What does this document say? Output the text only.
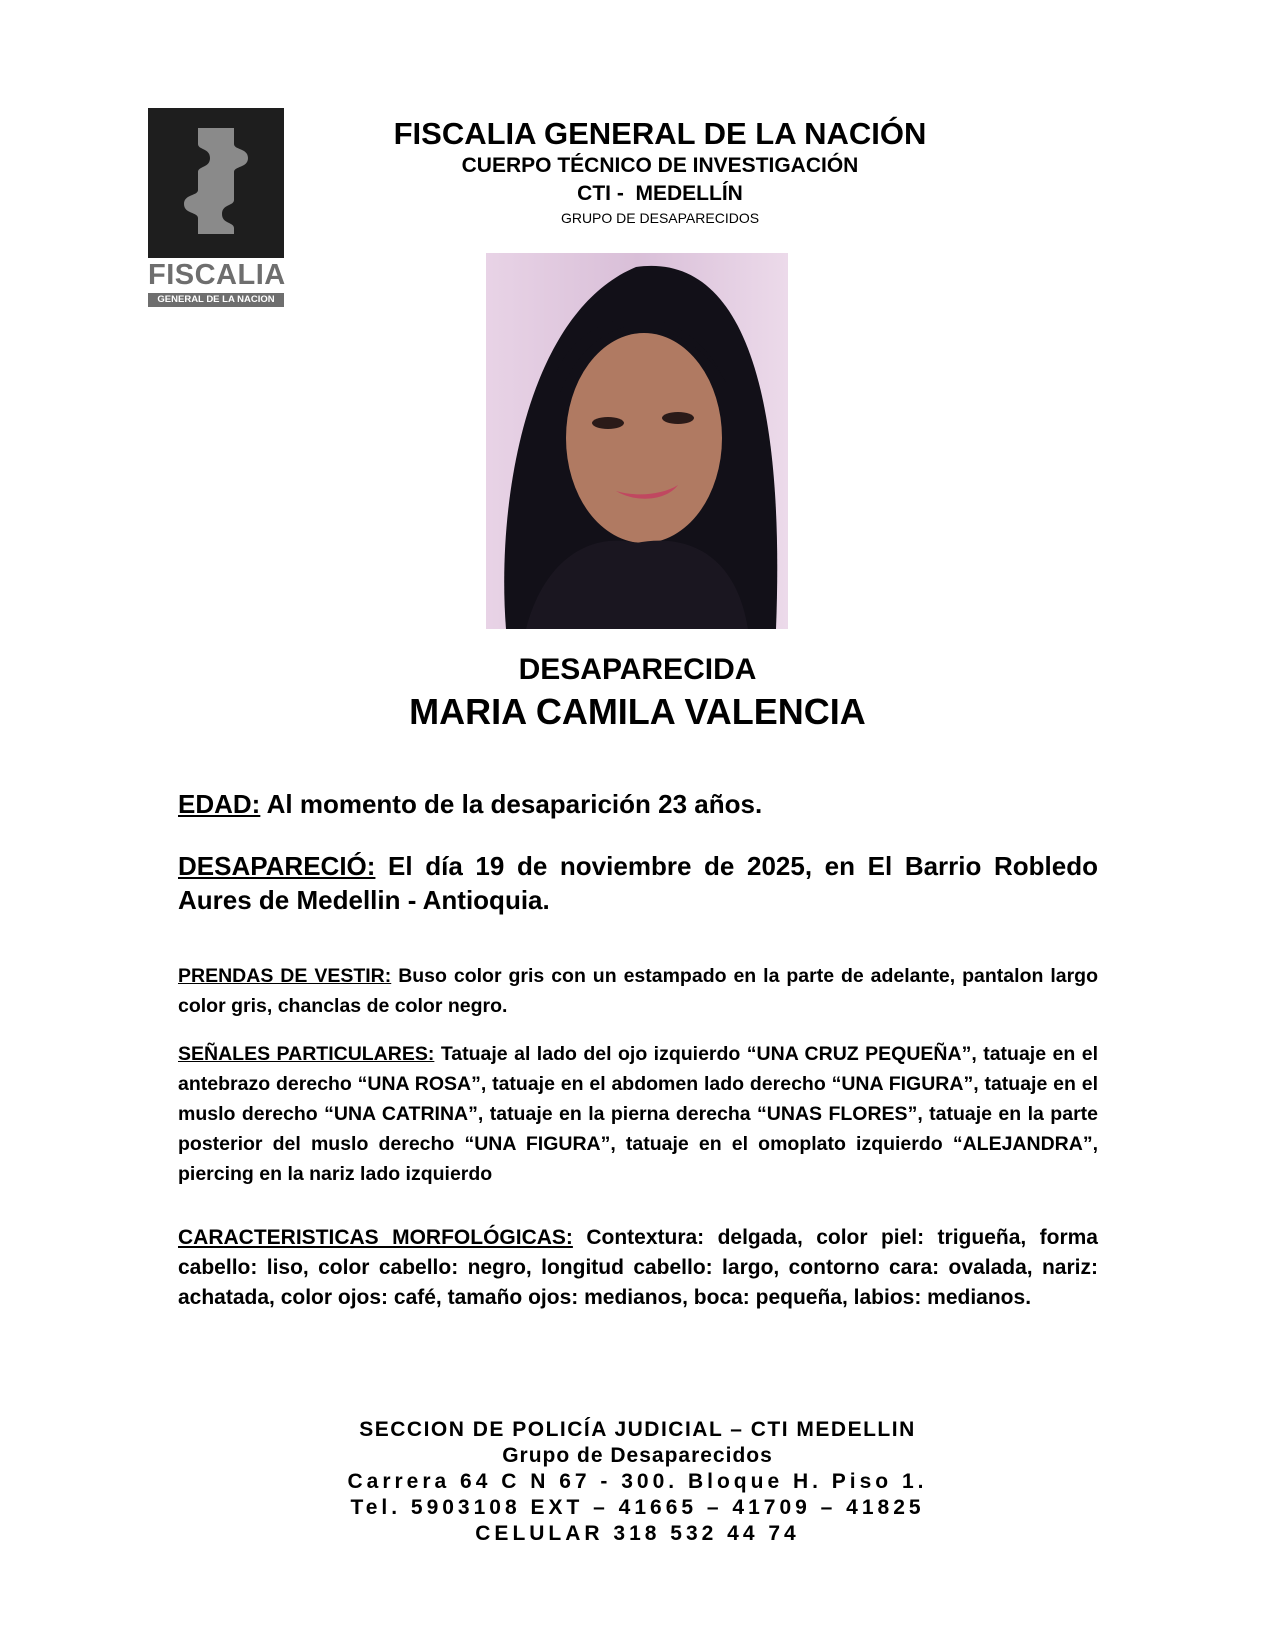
FISCALIA
GENERAL DE LA NACION
FISCALIA GENERAL DE LA NACIÓN
CUERPO TÉCNICO DE INVESTIGACIÓN
CTI -  MEDELLÍN
GRUPO DE DESAPARECIDOS
DESAPARECIDA
MARIA CAMILA VALENCIA

EDAD: Al momento de la desaparición 23 años.

DESAPARECIÓ: El día 19 de noviembre de 2025, en El Barrio Robledo Aures de Medellin - Antioquia.

PRENDAS DE VESTIR: Buso color gris con un estampado en la parte de adelante, pantalon largo color gris, chanclas de color negro.

SEÑALES PARTICULARES: Tatuaje al lado del ojo izquierdo “UNA CRUZ PEQUEÑA”, tatuaje en el antebrazo derecho “UNA ROSA”, tatuaje en el abdomen lado derecho “UNA FIGURA”, tatuaje en el muslo derecho “UNA CATRINA”, tatuaje en la pierna derecha “UNAS FLORES”, tatuaje en la parte posterior del muslo derecho “UNA FIGURA”, tatuaje en el omoplato izquierdo “ALEJANDRA”, piercing en la nariz lado izquierdo

CARACTERISTICAS MORFOLÓGICAS: Contextura: delgada, color piel: trigueña, forma cabello: liso, color cabello: negro, longitud cabello: largo, contorno cara: ovalada, nariz: achatada, color ojos: café, tamaño ojos: medianos, boca: pequeña, labios: medianos.

SECCION DE POLICÍA JUDICIAL – CTI MEDELLIN
Grupo de Desaparecidos
Carrera 64 C N 67 - 300. Bloque H. Piso 1.
Tel. 5903108 EXT – 41665 – 41709 – 41825
CELULAR 318 532 44 74
